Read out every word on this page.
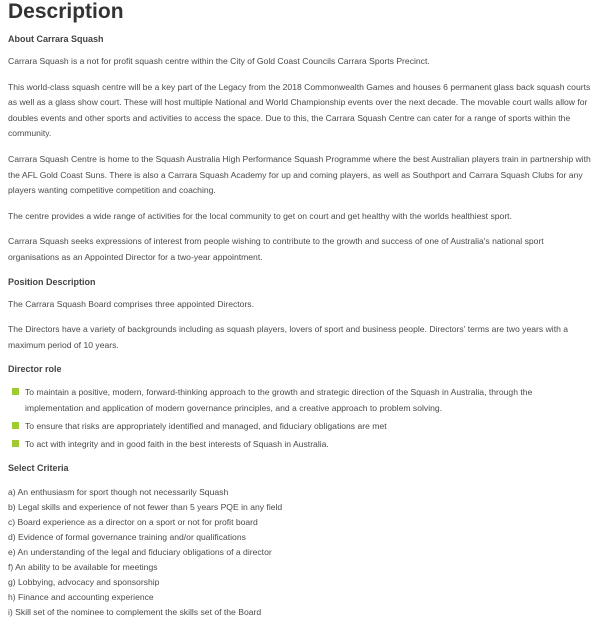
Description
About Carrara Squash

Carrara Squash is a not for profit squash centre within the City of Gold Coast Councils Carrara Sports Precinct.

This world-class squash centre will be a key part of the Legacy from the 2018 Commonwealth Games and houses 6 permanent glass back squash courts as well as a glass show court. These will host multiple National and World Championship events over the next decade. The movable court walls allow for doubles events and other sports and activities to access the space. Due to this, the Carrara Squash Centre can cater for a range of sports within the community.

Carrara Squash Centre is home to the Squash Australia High Performance Squash Programme where the best Australian players train in partnership with the AFL Gold Coast Suns. There is also a Carrara Squash Academy for up and coming players, as well as Southport and Carrara Squash Clubs for any players wanting competitive competition and coaching.

The centre provides a wide range of activities for the local community to get on court and get healthy with the worlds healthiest sport.

Carrara Squash seeks expressions of interest from people wishing to contribute to the growth and success of one of Australia's national sport organisations as an Appointed Director for a two-year appointment.

Position Description

The Carrara Squash Board comprises three appointed Directors.

The Directors have a variety of backgrounds including as squash players, lovers of sport and business people. Directors' terms are two years with a maximum period of 10 years.

Director role
To maintain a positive, modern, forward-thinking approach to the growth and strategic direction of the Squash in Australia, through the implementation and application of modern governance principles, and a creative approach to problem solving.
To ensure that risks are appropriately identified and managed, and fiduciary obligations are met
To act with integrity and in good faith in the best interests of Squash in Australia.
Select Criteria
a) An enthusiasm for sport though not necessarily Squash
b) Legal skills and experience of not fewer than 5 years PQE in any field
c) Board experience as a director on a sport or not for profit board
d) Evidence of formal governance training and/or qualifications
e) An understanding of the legal and fiduciary obligations of a director
f) An ability to be available for meetings
g) Lobbying, advocacy and sponsorship
h) Finance and accounting experience
i) Skill set of the nominee to complement the skills set of the Board
